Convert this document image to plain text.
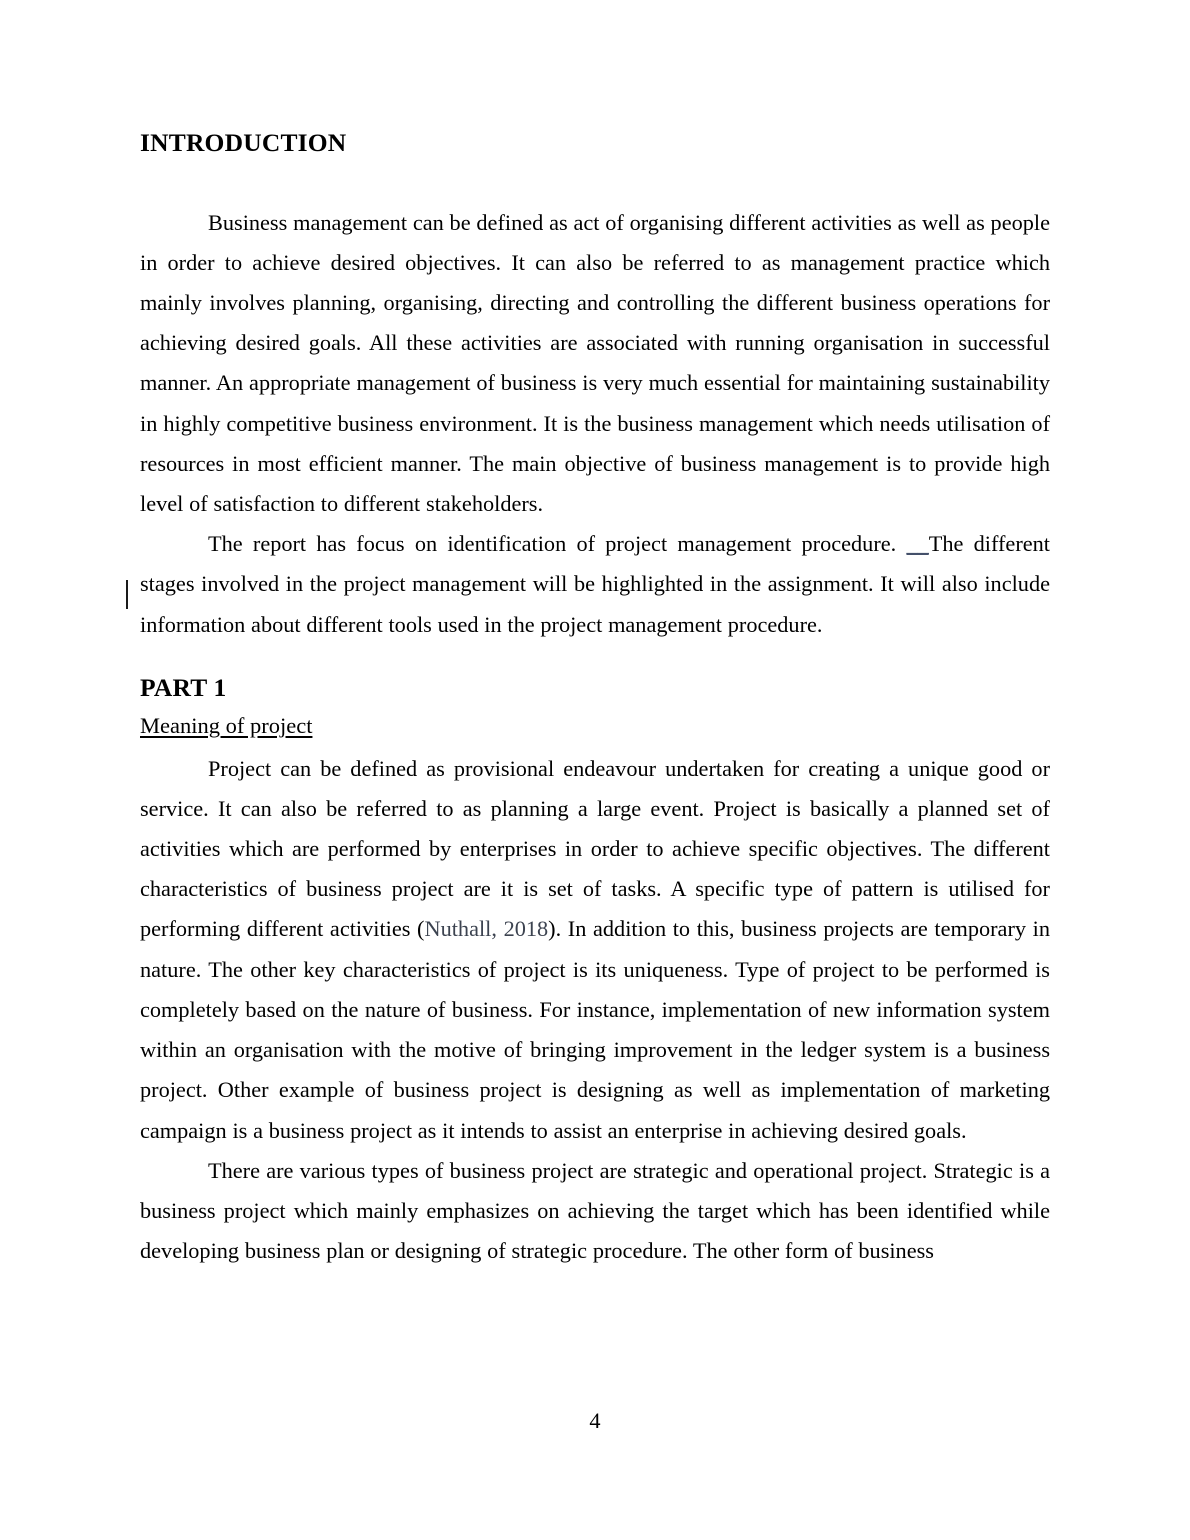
INTRODUCTION

Business management can be defined as act of organising different activities as well as people in order to achieve desired objectives. It can also be referred to as management practice which mainly involves planning, organising, directing and controlling the different business operations for achieving desired goals. All these activities are associated with running organisation in successful manner. An appropriate management of business is very much essential for maintaining sustainability in highly competitive business environment. It is the business management which needs utilisation of resources in most efficient manner. The main objective of business management is to provide high level of satisfaction to different stakeholders.

The report has focus on identification of project management procedure. __The different stages involved in the project management will be highlighted in the assignment. It will also include information about different tools used in the project management procedure.

PART 1
Meaning of project

Project can be defined as provisional endeavour undertaken for creating a unique good or service. It can also be referred to as planning a large event. Project is basically a planned set of activities which are performed by enterprises in order to achieve specific objectives. The different characteristics of business project are it is set of tasks. A specific type of pattern is utilised for performing different activities (Nuthall, 2018). In addition to this, business projects are temporary in nature. The other key characteristics of project is its uniqueness. Type of project to be performed is completely based on the nature of business. For instance, implementation of new information system within an organisation with the motive of bringing improvement in the ledger system is a business project. Other example of business project is designing as well as implementation of marketing campaign is a business project as it intends to assist an enterprise in achieving desired goals.

There are various types of business project are strategic and operational project. Strategic is a business project which mainly emphasizes on achieving the target which has been identified while developing business plan or designing of strategic procedure. The other form of business

4
